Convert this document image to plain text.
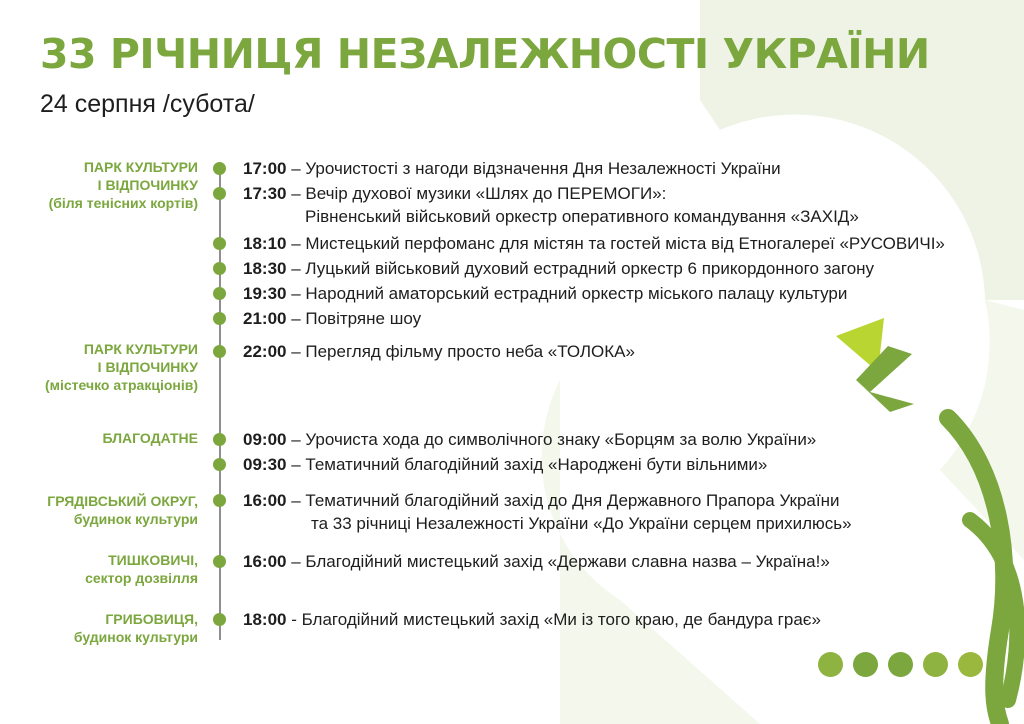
33 РІЧНИЦЯ НЕЗАЛЕЖНОСТІ УКРАЇНИ
24 серпня /субота/
ПАРК КУЛЬТУРИ
І ВІДПОЧИНКУ
(біля тенісних кортів)
ПАРК КУЛЬТУРИ
І ВІДПОЧИНКУ
(містечко атракціонів)
БЛАГОДАТНЕ
ГРЯДІВСЬКИЙ ОКРУГ,
будинок культури
ТИШКОВИЧІ,
сектор дозвілля
ГРИБОВИЦЯ,
будинок культури
17:00 – Урочистості з нагоди відзначення Дня Незалежності України
17:30 – Вечір духової музики «Шлях до ПЕРЕМОГИ»:
Рівненський військовий оркестр оперативного командування «ЗАХІД»
18:10 – Мистецький перфоманс для містян та гостей міста від Етногалереї «РУСОВИЧІ»
18:30 – Луцький військовий духовий естрадний оркестр 6 прикордонного загону
19:30 – Народний аматорський естрадний оркестр міського палацу культури
21:00 – Повітряне шоу
22:00 – Перегляд фільму просто неба «ТОЛОКА»
09:00 – Урочиста хода до символічного знаку «Борцям за волю України»
09:30 – Тематичний благодійний захід «Народжені бути вільними»
16:00 – Тематичний благодійний захід до Дня Державного Прапора України
та 33 річниці Незалежності України «До України серцем прихилюсь»
16:00 – Благодійний мистецький захід «Держави славна назва – Україна!»
18:00 - Благодійний мистецький захід «Ми із того краю, де бандура грає»
